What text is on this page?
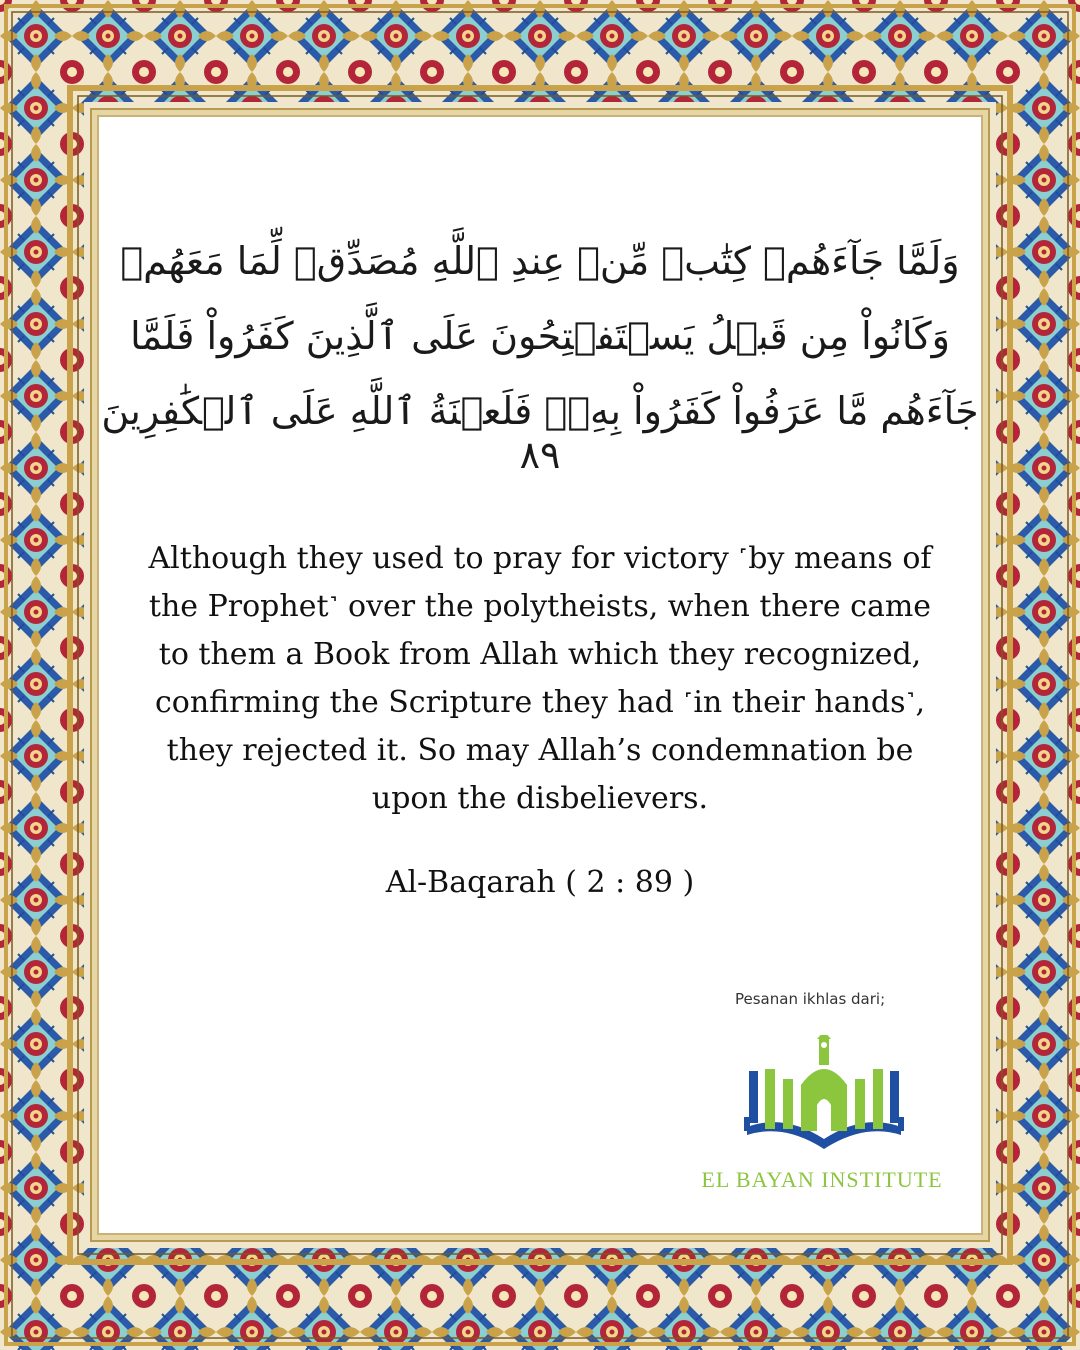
وَلَمَّا جَآءَهُمۡ كِتَٰبٞ مِّنۡ عِندِ ٱللَّهِ مُصَدِّقٞ لِّمَا مَعَهُمۡ
وَكَانُواْ مِن قَبۡلُ يَسۡتَفۡتِحُونَ عَلَى ٱلَّذِينَ كَفَرُواْ فَلَمَّا
جَآءَهُم مَّا عَرَفُواْ كَفَرُواْ بِهِۦۚ فَلَعۡنَةُ ٱللَّهِ عَلَى ٱلۡكَٰفِرِينَ ٨٩
Although they used to pray for victory ˹by means of the Prophet˺ over the polytheists, when there came to them a Book from Allah which they recognized, confirming the Scripture they had ˹in their hands˺, they rejected it. So may Allah’s condemnation be upon the disbelievers.
Al-Baqarah ( 2 : 89 )
Pesanan ikhlas dari;
EL BAYAN INSTITUTE
